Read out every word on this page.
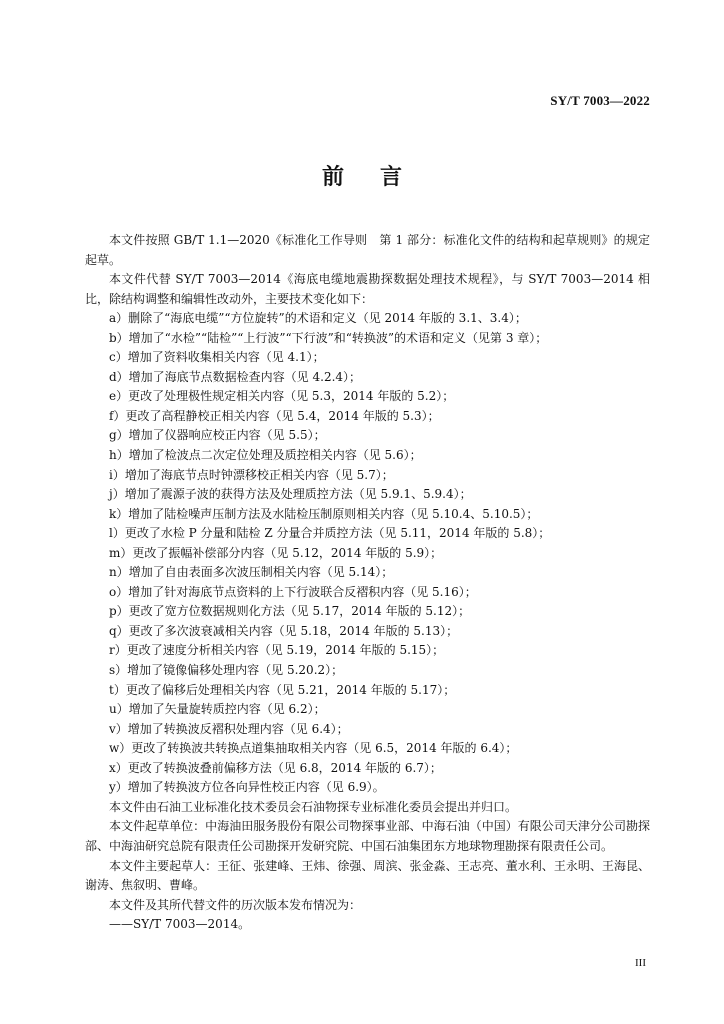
SY/T 7003—2022
前言

本文件按照 GB/T 1.1—2020《标准化工作导则　第 1 部分：标准化文件的结构和起草规则》的规定起草。

本文件代替 SY/T 7003—2014《海底电缆地震勘探数据处理技术规程》，与 SY/T 7003—2014 相比，除结构调整和编辑性改动外，主要技术变化如下：

a）删除了“海底电缆”“方位旋转”的术语和定义（见 2014 年版的 3.1、3.4）；

b）增加了“水检”“陆检”“上行波”“下行波”和“转换波”的术语和定义（见第 3 章）；

c）增加了资料收集相关内容（见 4.1）；

d）增加了海底节点数据检查内容（见 4.2.4）；

e）更改了处理极性规定相关内容（见 5.3，2014 年版的 5.2）；

f）更改了高程静校正相关内容（见 5.4，2014 年版的 5.3）；

g）增加了仪器响应校正内容（见 5.5）；

h）增加了检波点二次定位处理及质控相关内容（见 5.6）；

i）增加了海底节点时钟漂移校正相关内容（见 5.7）；

j）增加了震源子波的获得方法及处理质控方法（见 5.9.1、5.9.4）；

k）增加了陆检噪声压制方法及水陆检压制原则相关内容（见 5.10.4、5.10.5）；

l）更改了水检 P 分量和陆检 Z 分量合并质控方法（见 5.11，2014 年版的 5.8）；

m）更改了振幅补偿部分内容（见 5.12，2014 年版的 5.9）；

n）增加了自由表面多次波压制相关内容（见 5.14）；

o）增加了针对海底节点资料的上下行波联合反褶积内容（见 5.16）；

p）更改了宽方位数据规则化方法（见 5.17，2014 年版的 5.12）；

q）更改了多次波衰减相关内容（见 5.18，2014 年版的 5.13）；

r）更改了速度分析相关内容（见 5.19，2014 年版的 5.15）；

s）增加了镜像偏移处理内容（见 5.20.2）；

t）更改了偏移后处理相关内容（见 5.21，2014 年版的 5.17）；

u）增加了矢量旋转质控内容（见 6.2）；

v）增加了转换波反褶积处理内容（见 6.4）；

w）更改了转换波共转换点道集抽取相关内容（见 6.5，2014 年版的 6.4）；

x）更改了转换波叠前偏移方法（见 6.8，2014 年版的 6.7）；

y）增加了转换波方位各向异性校正内容（见 6.9）。

本文件由石油工业标准化技术委员会石油物探专业标准化委员会提出并归口。

本文件起草单位：中海油田服务股份有限公司物探事业部、中海石油（中国）有限公司天津分公司勘探部、中海油研究总院有限责任公司勘探开发研究院、中国石油集团东方地球物理勘探有限责任公司。

本文件主要起草人：王征、张建峰、王炜、徐强、周滨、张金淼、王志亮、董水利、王永明、王海昆、谢涛、焦叙明、曹峰。

本文件及其所代替文件的历次版本发布情况为：

——SY/T 7003—2014。

III
